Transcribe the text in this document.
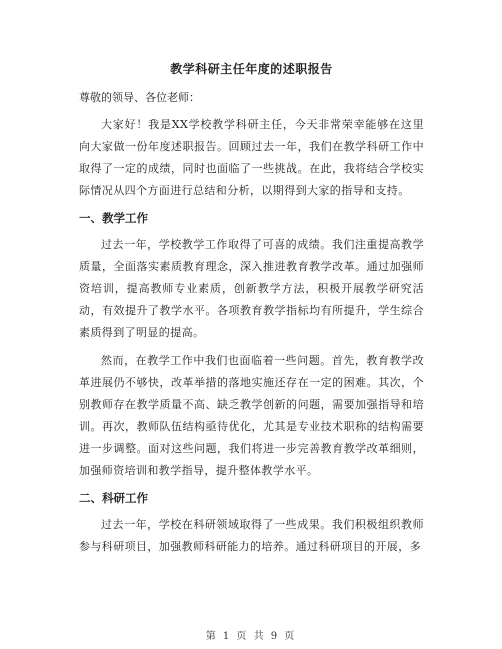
教学科研主任年度的述职报告
尊敬的领导、各位老师：
大家好！我是XX学校教学科研主任，今天非常荣幸能够在这里向大家做一份年度述职报告。回顾过去一年，我们在教学科研工作中取得了一定的成绩，同时也面临了一些挑战。在此，我将结合学校实际情况从四个方面进行总结和分析，以期得到大家的指导和支持。
一、教学工作
过去一年，学校教学工作取得了可喜的成绩。我们注重提高教学质量，全面落实素质教育理念，深入推进教育教学改革。通过加强师资培训，提高教师专业素质，创新教学方法，积极开展教学研究活动，有效提升了教学水平。各项教育教学指标均有所提升，学生综合素质得到了明显的提高。
然而，在教学工作中我们也面临着一些问题。首先，教育教学改革进展仍不够快，改革举措的落地实施还存在一定的困难。其次，个别教师存在教学质量不高、缺乏教学创新的问题，需要加强指导和培训。再次，教师队伍结构亟待优化，尤其是专业技术职称的结构需要进一步调整。面对这些问题，我们将进一步完善教育教学改革细则，加强师资培训和教学指导，提升整体教学水平。
二、科研工作
过去一年，学校在科研领域取得了一些成果。我们积极组织教师参与科研项目，加强教师科研能力的培养。通过科研项目的开展，多
第 1 页 共 9 页
